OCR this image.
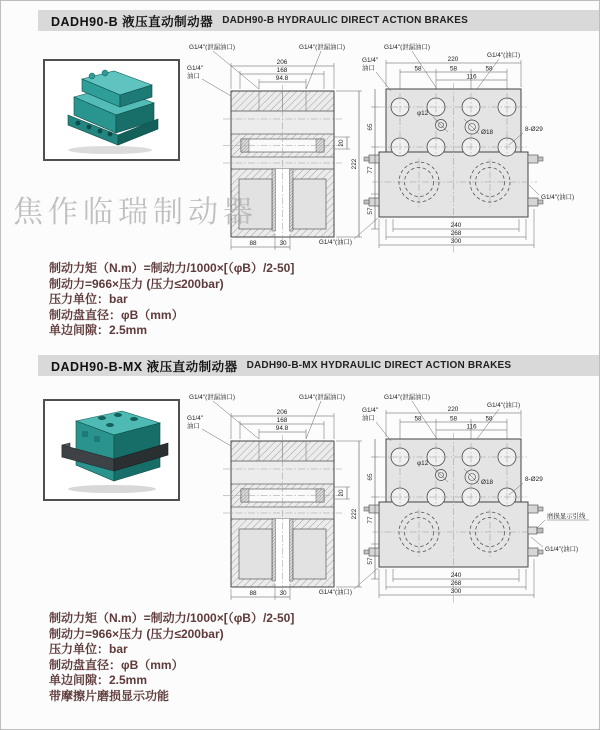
DADH90-B 液压直动制动器 DADH90-B HYDRAULIC DIRECT ACTION BRAKES
206
168
94.8
G1/4"(泄漏油口)	G1/4"(泄漏油口)
G1/4"
油口
20
222
88	30	G1/4"(油口)
220
58	58	58
116
φ12
Ø18
65
77
57
240
268
300
G1/4"(泄漏油口)
G1/4"(油口)
G1/4"
油口
8-Ø29
G1/4"(油口)
焦作临瑞制动器
制动力矩（N.m）=制动力/1000×[（φB）/2-50]
制动力=966×压力 (压力≤200bar)
压力单位：bar
制动盘直径：φB（mm）
单边间隙：2.5mm
DADH90-B-MX 液压直动制动器 DADH90-B-MX HYDRAULIC DIRECT ACTION BRAKES
206
168
94.8
G1/4"(泄漏油口)	G1/4"(泄漏油口)
G1/4"
油口
20
222
88	30	G1/4"(油口)
220
58	58	58
116
φ12
Ø18
65
77
57
240
268
300
G1/4"(泄漏油口)
G1/4"(油口)
G1/4"
油口
8-Ø29
G1/4"(油口)
磨损显示引线
制动力矩（N.m）=制动力/1000×[（φB）/2-50]
制动力=966×压力 (压力≤200bar)
压力单位：bar
制动盘直径：φB（mm）
单边间隙：2.5mm
带摩擦片磨损显示功能
